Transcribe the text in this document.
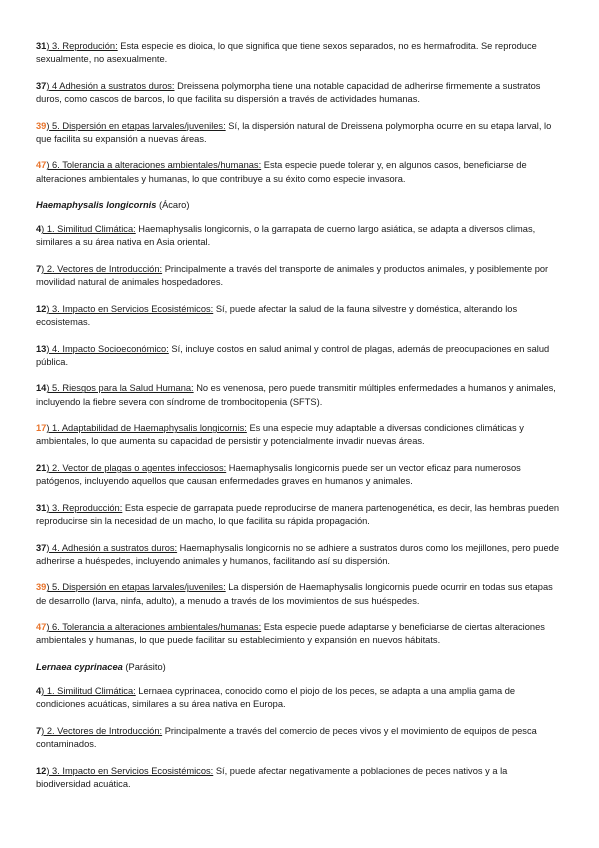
31) 3. Reprodución: Esta especie es dioica, lo que significa que tiene sexos separados, no es hermafrodita. Se reproduce sexualmente, no asexualmente.

37) 4 Adhesión a sustratos duros: Dreissena polymorpha tiene una notable capacidad de adherirse firmemente a sustratos duros, como cascos de barcos, lo que facilita su dispersión a través de actividades humanas.

39) 5. Dispersión en etapas larvales/juveniles: Sí, la dispersión natural de Dreissena polymorpha ocurre en su etapa larval, lo que facilita su expansión a nuevas áreas.

47) 6. Tolerancia a alteraciones ambientales/humanas: Esta especie puede tolerar y, en algunos casos, beneficiarse de alteraciones ambientales y humanas, lo que contribuye a su éxito como especie invasora.

Haemaphysalis longicornis (Ácaro)

4) 1. Similitud Climática: Haemaphysalis longicornis, o la garrapata de cuerno largo asiática, se adapta a diversos climas, similares a su área nativa en Asia oriental.

7) 2. Vectores de Introducción: Principalmente a través del transporte de animales y productos animales, y posiblemente por movilidad natural de animales hospedadores.

12) 3. Impacto en Servicios Ecosistémicos: Sí, puede afectar la salud de la fauna silvestre y doméstica, alterando los ecosistemas.

13) 4. Impacto Socioeconómico: Sí, incluye costos en salud animal y control de plagas, además de preocupaciones en salud pública.

14) 5. Riesgos para la Salud Humana: No es venenosa, pero puede transmitir múltiples enfermedades a humanos y animales, incluyendo la fiebre severa con síndrome de trombocitopenia (SFTS).

17) 1. Adaptabilidad de Haemaphysalis longicornis: Es una especie muy adaptable a diversas condiciones climáticas y ambientales, lo que aumenta su capacidad de persistir y potencialmente invadir nuevas áreas.

21) 2. Vector de plagas o agentes infecciosos: Haemaphysalis longicornis puede ser un vector eficaz para numerosos patógenos, incluyendo aquellos que causan enfermedades graves en humanos y animales.

31) 3. Reproducción: Esta especie de garrapata puede reproducirse de manera partenogenética, es decir, las hembras pueden reproducirse sin la necesidad de un macho, lo que facilita su rápida propagación.

37) 4. Adhesión a sustratos duros: Haemaphysalis longicornis no se adhiere a sustratos duros como los mejillones, pero puede adherirse a huéspedes, incluyendo animales y humanos, facilitando así su dispersión.

39) 5. Dispersión en etapas larvales/juveniles: La dispersión de Haemaphysalis longicornis puede ocurrir en todas sus etapas de desarrollo (larva, ninfa, adulto), a menudo a través de los movimientos de sus huéspedes.

47) 6. Tolerancia a alteraciones ambientales/humanas: Esta especie puede adaptarse y beneficiarse de ciertas alteraciones ambientales y humanas, lo que puede facilitar su establecimiento y expansión en nuevos hábitats.

Lernaea cyprinacea (Parásito)

4) 1. Similitud Climática: Lernaea cyprinacea, conocido como el piojo de los peces, se adapta a una amplia gama de condiciones acuáticas, similares a su área nativa en Europa.

7) 2. Vectores de Introducción: Principalmente a través del comercio de peces vivos y el movimiento de equipos de pesca contaminados.

12) 3. Impacto en Servicios Ecosistémicos: Sí, puede afectar negativamente a poblaciones de peces nativos y a la biodiversidad acuática.
